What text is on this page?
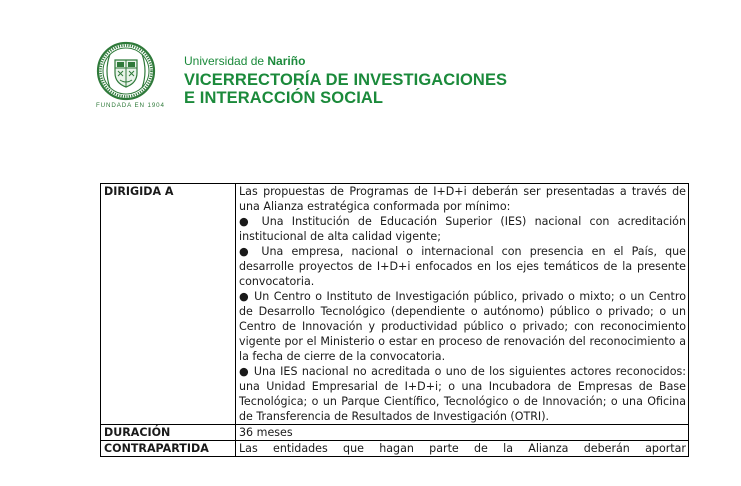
FUNDADA EN 1904
Universidad de Nariño
VICERRECTORÍA DE INVESTIGACIONES
E INTERACCIÓN SOCIAL
DIRIGIDA A	Las propuestas de Programas de I+D+i deberán ser presentadas a través de una Alianza estratégica conformada por mínimo:
● Una Institución de Educación Superior (IES) nacional con acreditación institucional de alta calidad vigente;
● Una empresa, nacional o internacional con presencia en el País, que desarrolle proyectos de I+D+i enfocados en los ejes temáticos de la presente convocatoria.
● Un Centro o Instituto de Investigación público, privado o mixto; o un Centro de Desarrollo Tecnológico (dependiente o autónomo) público o privado; o un Centro de Innovación y productividad público o privado; con reconocimiento vigente por el Ministerio o estar en proceso de renovación del reconocimiento a la fecha de cierre de la convocatoria.
● Una IES nacional no acreditada o uno de los siguientes actores reconocidos: una Unidad Empresarial de I+D+i; o una Incubadora de Empresas de Base Tecnológica; o un Parque Científico, Tecnológico o de Innovación; o una Oficina de Transferencia de Resultados de Investigación (OTRI).

DURACIÓN	36 meses
CONTRAPARTIDA	Las entidades que hagan parte de la Alianza deberán aportar
